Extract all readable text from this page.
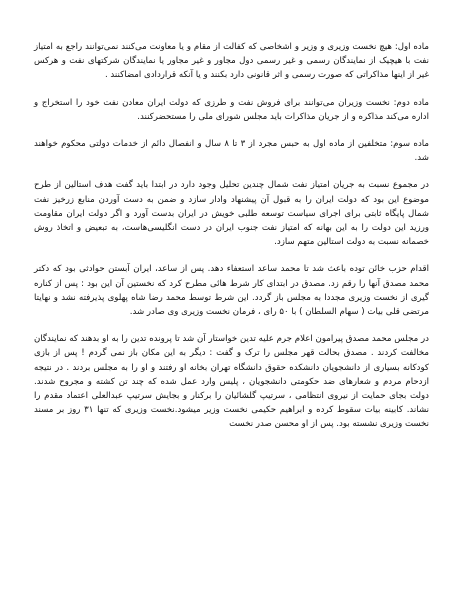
ماده اول: هیچ نخست وزیری و وزیر و اشخاصی که کفالت از مقام و یا معاونت می‌کنند نمی‌توانند راجع به امتیاز نفت با هیچیک از نمایندگان رسمی و غیر رسمی دول مجاور و غیر مجاور یا نمایندگان شرکتهای نفت و هرکس غیر از اینها مذاکراتی که صورت رسمی و اثر قانونی دارد بکنند و یا آنکه قراردادی امضاکنند .

ماده دوم: نخست وزیران می‌توانند برای فروش نفت و طرزی که دولت ایران معادن نفت خود را استخراج و اداره می‌کند مذاکره و از جریان مذاکرات باید مجلس شورای ملی را مستحضرکنند.

ماده سوم: متخلفین از ماده اول به حبس مجرد از ۳ تا ۸ سال و انفصال دائم از خدمات دولتی محکوم خواهند شد.

در مجموع نسبت به جریان امتیاز نفت شمال چندین تحلیل وجود دارد در ابتدا باید گفت هدف استالین از طرح موضوع این بود که دولت ایران را به قبول آن پیشنهاد وادار سازد و ضمن به دست آوردن منابع زرخیز نفت شمال پایگاه ثابتی برای اجرای سیاست توسعه طلبی خویش در ایران بدست آورد و اگر دولت ایران مقاومت ورزید این دولت را به این بهانه که امتیاز نفت جنوب ایران در دست انگلیسی‌هاست، به تبعیض و اتخاذ روش خصمانه نسبت به دولت استالین متهم سازد.

اقدام حزب خائن توده باعث شد تا محمد ساعد استعفاء دهد. پس از ساعد، ایران آبستن حوادثی بود که دکتر محمد مصدق آنها را رقم زد. مصدق در ابتدای کار شرط هائی مطرح کرد که نخستین آن این بود : پس از کناره گیری از نخست وزیری مجددا به مجلس باز گردد. این شرط توسط محمد رضا شاه پهلوی پذیرفته نشد و نهایتا مرتضی قلی بیات ( سهام السلطان ) با ۵۰ رای ، فرمان نخست وزیری وی صادر شد.

در مجلس محمد مصدق پیرامون اعلام جرم علیه تدین خواستار آن شد تا پرونده تدین را به او بدهند که نمایندگان مخالفت کردند . مصدق بحالت قهر مجلس را ترک و گفت : دیگر به این مکان باز نمی گردم ! پس از بازی کودکانه بسیاری از دانشجویان دانشکده حقوق دانشگاه تهران بخانه او رفتند و او را به مجلس بردند . در نتیجه ازدحام مردم و شعارهای ضد حکومتی دانشجویان ، پلیس وارد عمل شده که چند تن کشته و مجروح شدند. دولت بجای حمایت از نیروی انتظامی ، سرتیپ گلشائیان را برکنار و بجایش سرتیپ عبدالعلی اعتماد مقدم را نشاند. کابینه بیات سقوط کرده و ابراهیم حکیمی نخست وزیر میشود.نخست وزیری که تنها ۳۱ روز بر مسند نخست وزیری نشسته بود. پس از او محسن صدر نخست
